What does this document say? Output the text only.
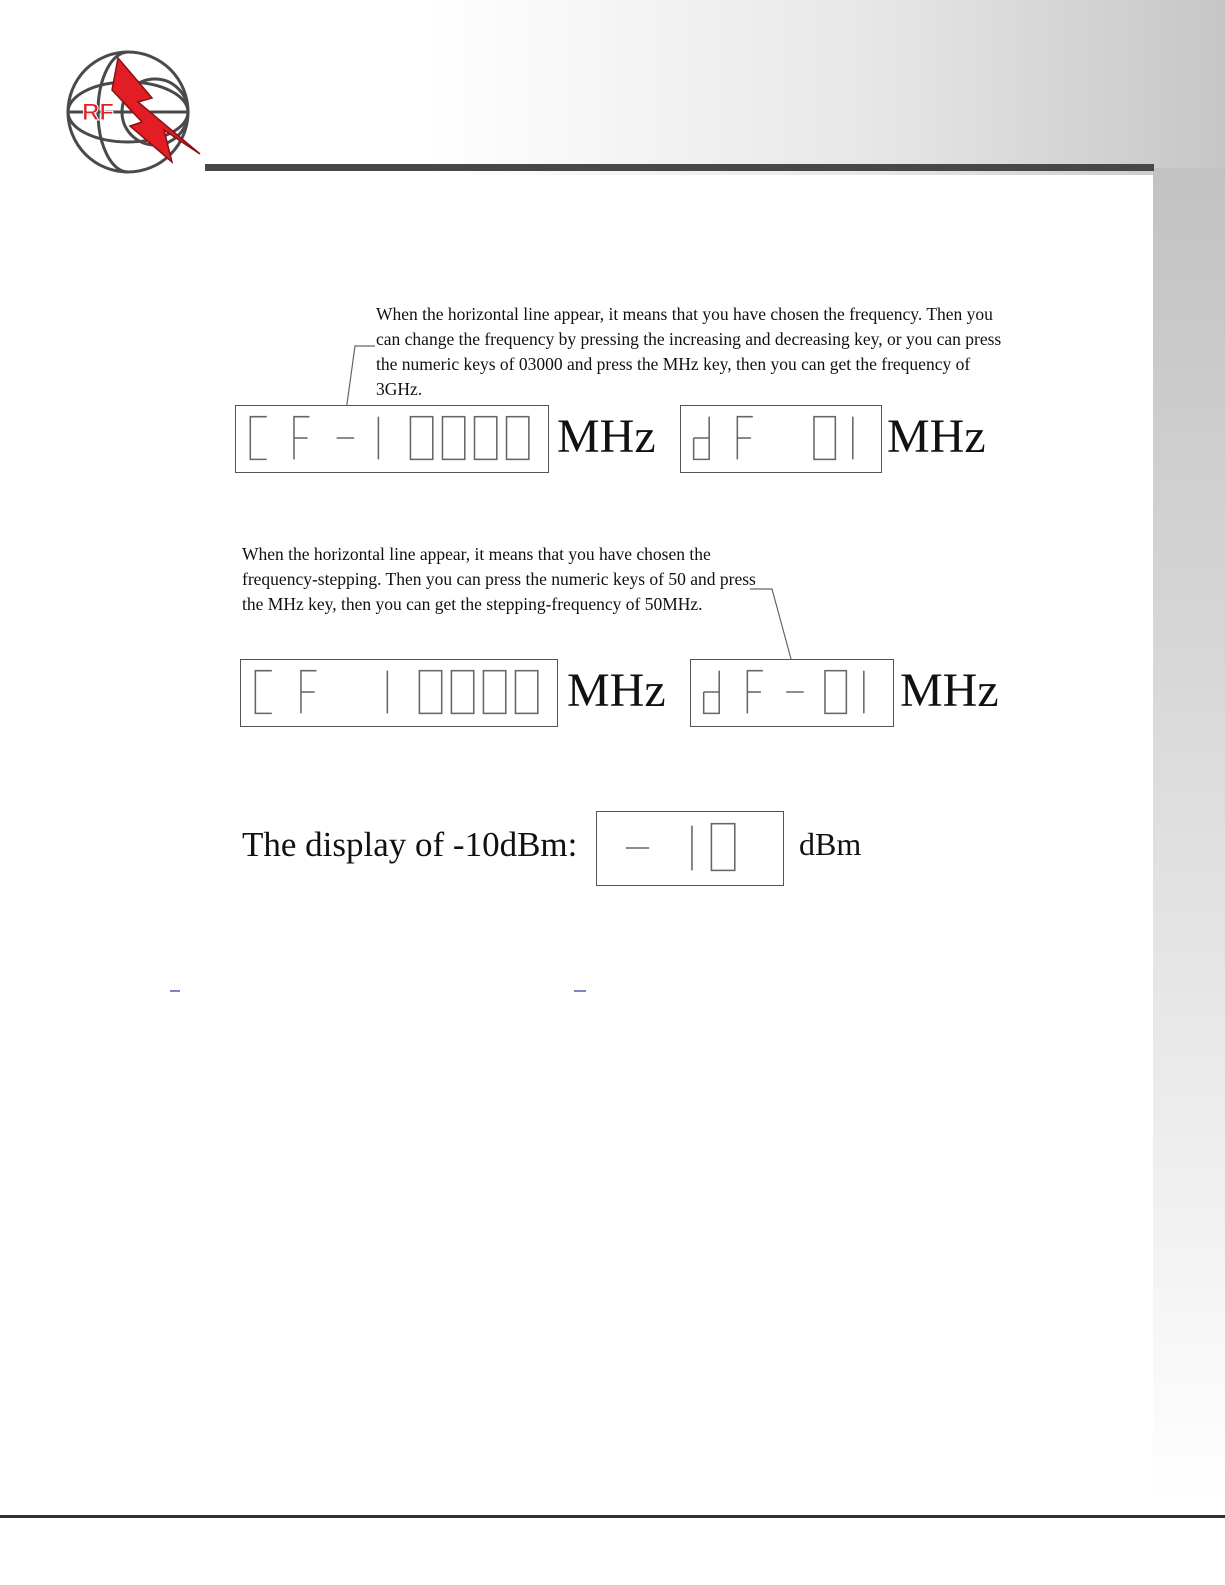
RF
When the horizontal line appear, it means that you have chosen the frequency. Then you can change the frequency by pressing the increasing and decreasing key, or you can press the numeric keys of 03000 and press the MHz key, then you can get the frequency of 3GHz.
MHz	MHz
When the horizontal line appear, it means that you have chosen the frequency-stepping. Then you can press the numeric keys of 50 and press the MHz key, then you can get the stepping-frequency of 50MHz.
MHz	MHz
The display of -10dBm:	dBm
